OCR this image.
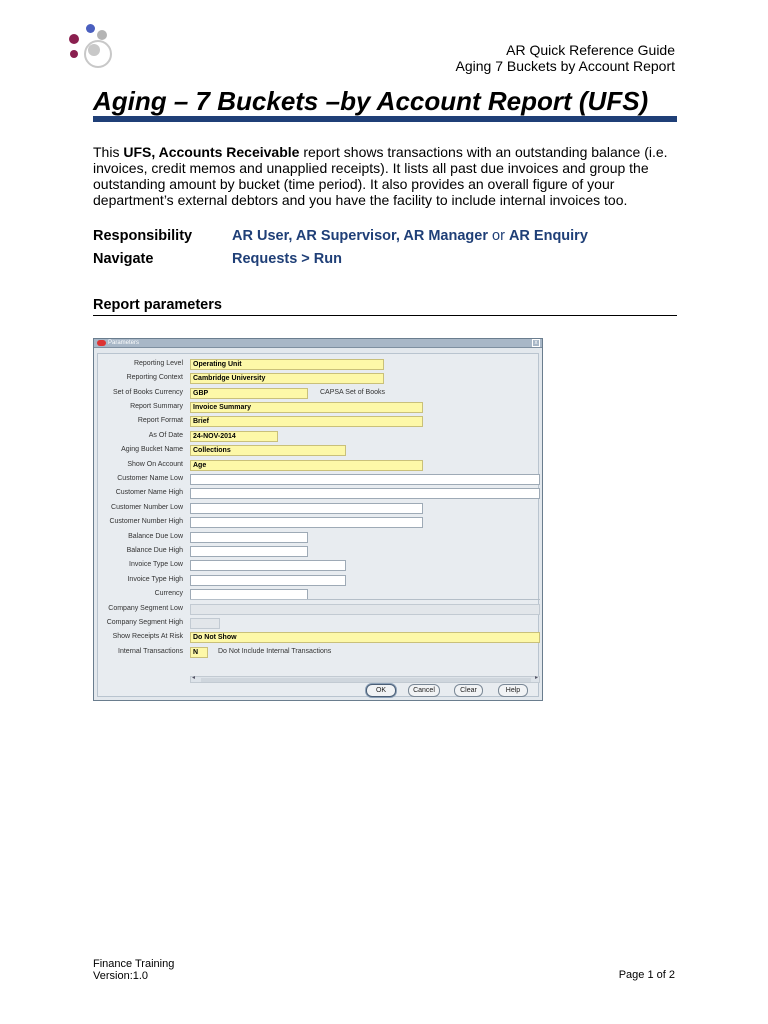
AR Quick Reference Guide
Aging 7 Buckets by Account Report
Aging – 7 Buckets –by Account Report (UFS)
This UFS, Accounts Receivable report shows transactions with an outstanding balance (i.e. invoices, credit memos and unapplied receipts). It lists all past due invoices and group the outstanding amount by bucket (time period). It also provides an overall figure of your department’s external debtors and you have the facility to include internal invoices too.
Responsibility	AR User, AR Supervisor, AR Manager or AR Enquiry
Navigate	Requests > Run
Report parameters
Parameters	x
Reporting Level	Operating Unit
Reporting Context	Cambridge University
Set of Books Currency	GBP	CAPSA Set of Books
Report Summary	Invoice Summary
Report Format	Brief
As Of Date	24-NOV-2014
Aging Bucket Name	Collections
Show On Account	Age
Customer Name Low
Customer Name High
Customer Number Low
Customer Number High
Balance Due Low
Balance Due High
Invoice Type Low
Invoice Type High
Currency
Company Segment Low
Company Segment High
Show Receipts At Risk	Do Not Show
Internal Transactions	N	Do Not Include Internal Transactions
◂	▸
OK	Cancel	Clear	Help
Finance Training
Version:1.0	Page 1 of 2
